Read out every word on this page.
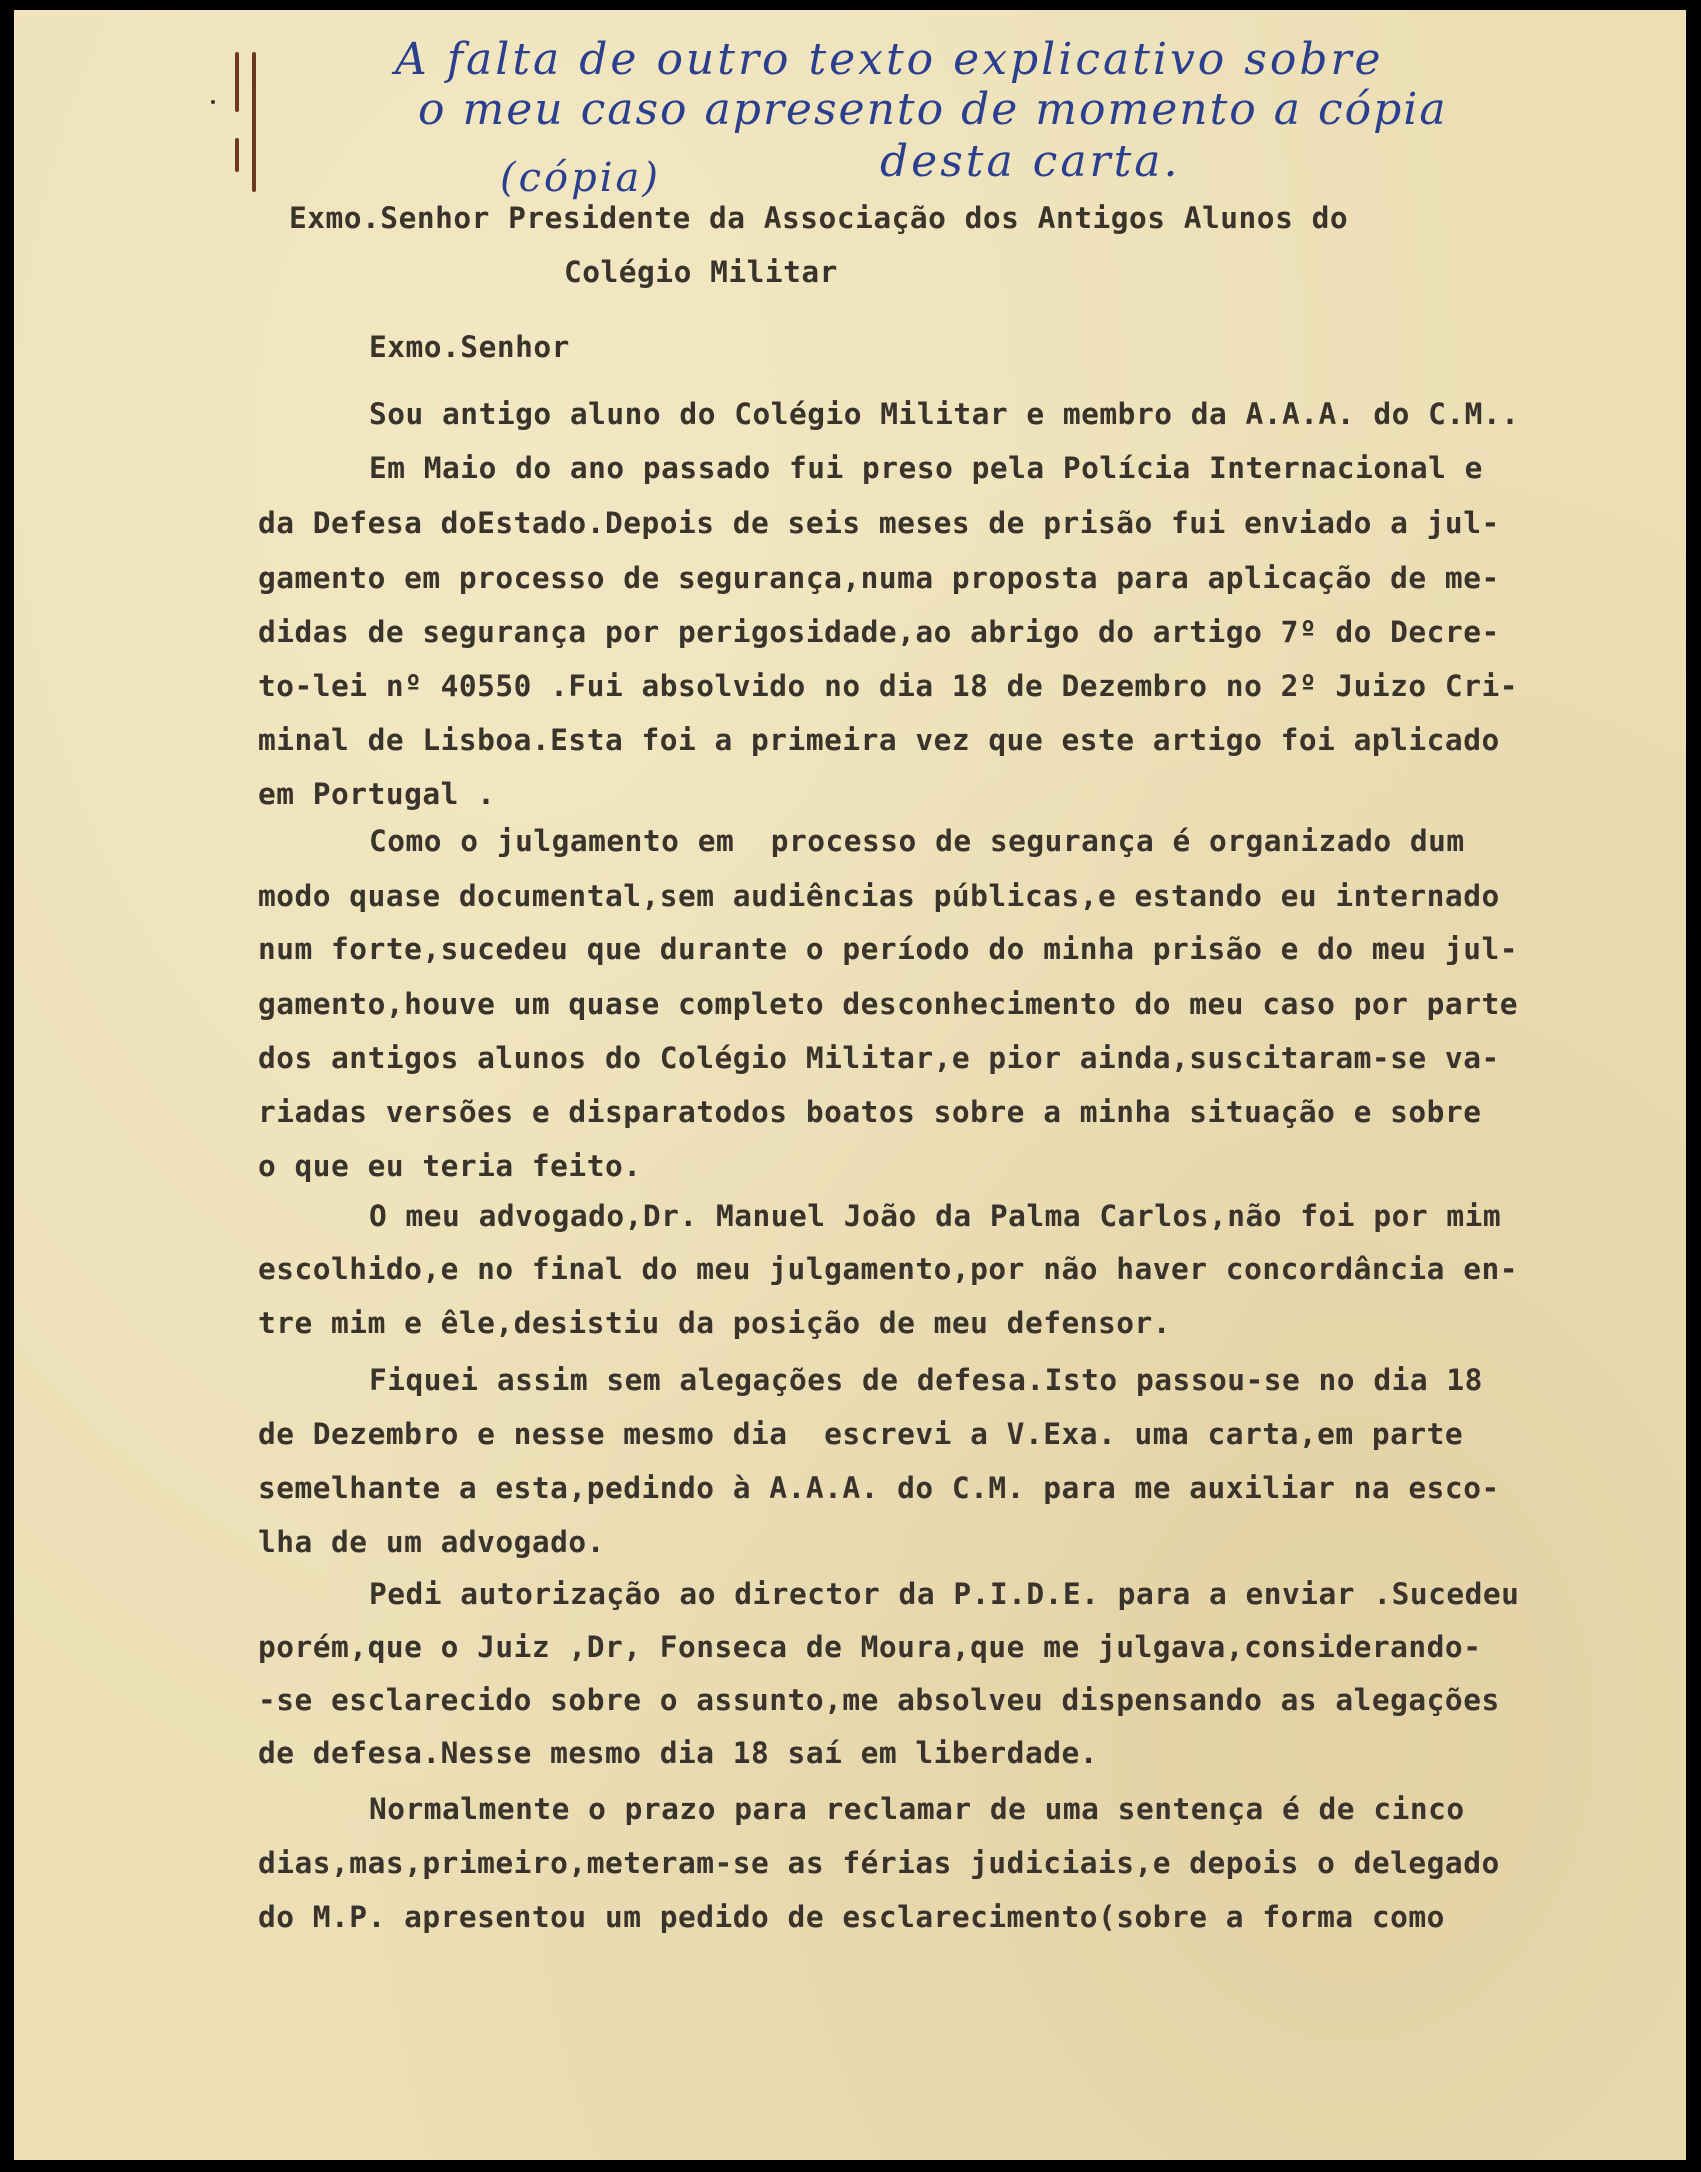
A falta de outro texto explicativo sobre
o meu caso apresento de momento a cópia
desta carta.
(cópia)
Exmo.Senhor Presidente da Associação dos Antigos Alunos do
Colégio Militar
Exmo.Senhor
Sou antigo aluno do Colégio Militar e membro da A.A.A. do C.M..
Em Maio do ano passado fui preso pela Polícia Internacional e
da Defesa doEstado.Depois de seis meses de prisão fui enviado a jul-
gamento em processo de segurança,numa proposta para aplicação de me-
didas de segurança por perigosidade,ao abrigo do artigo 7º do Decre-
to-lei nº 40550 .Fui absolvido no dia 18 de Dezembro no 2º Juizo Cri-
minal de Lisboa.Esta foi a primeira vez que este artigo foi aplicado
em Portugal .
Como o julgamento em  processo de segurança é organizado dum
modo quase documental,sem audiências públicas,e estando eu internado
num forte,sucedeu que durante o período do minha prisão e do meu jul-
gamento,houve um quase completo desconhecimento do meu caso por parte
dos antigos alunos do Colégio Militar,e pior ainda,suscitaram-se va-
riadas versões e disparatodos boatos sobre a minha situação e sobre
o que eu teria feito.
O meu advogado,Dr. Manuel João da Palma Carlos,não foi por mim
escolhido,e no final do meu julgamento,por não haver concordância en-
tre mim e êle,desistiu da posição de meu defensor.
Fiquei assim sem alegações de defesa.Isto passou-se no dia 18
de Dezembro e nesse mesmo dia  escrevi a V.Exa. uma carta,em parte
semelhante a esta,pedindo à A.A.A. do C.M. para me auxiliar na esco-
lha de um advogado.
Pedi autorização ao director da P.I.D.E. para a enviar .Sucedeu
porém,que o Juiz ,Dr, Fonseca de Moura,que me julgava,considerando-
-se esclarecido sobre o assunto,me absolveu dispensando as alegações
de defesa.Nesse mesmo dia 18 saí em liberdade.
Normalmente o prazo para reclamar de uma sentença é de cinco
dias,mas,primeiro,meteram-se as férias judiciais,e depois o delegado
do M.P. apresentou um pedido de esclarecimento(sobre a forma como
